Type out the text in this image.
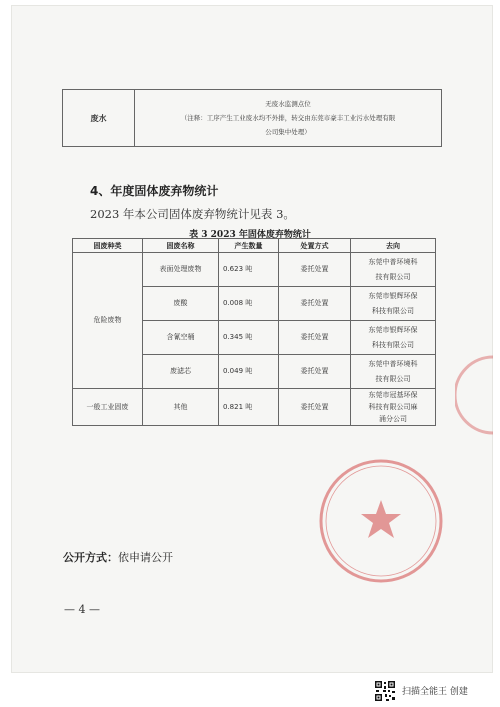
废水	
无废水监测点位
（注释：工序产生工业废水均不外排，转交由东莞市豪丰工业污水处理有限
公司集中处理）
4、年度固体废弃物统计
2023 年本公司固体废弃物统计见表 3。
表 3 2023 年固体废弃物统计
固废种类	固废名称	产生数量	处置方式	去向
危险废物	表面处理废物	0.623 吨	委托处置	东莞中普环境科
技有限公司

	废酸	0.008 吨	委托处置	东莞市银辉环保
科技有限公司

	含氰空桶	0.345 吨	委托处置	东莞市银辉环保
科技有限公司

	废滤芯	0.049 吨	委托处置	东莞中普环境科
技有限公司

一般工业固废	其他	0.821 吨	委托处置	东莞市冠基环保
科技有限公司麻
涌分公司
公开方式：依申请公开
— 4 —
扫描全能王 创建
